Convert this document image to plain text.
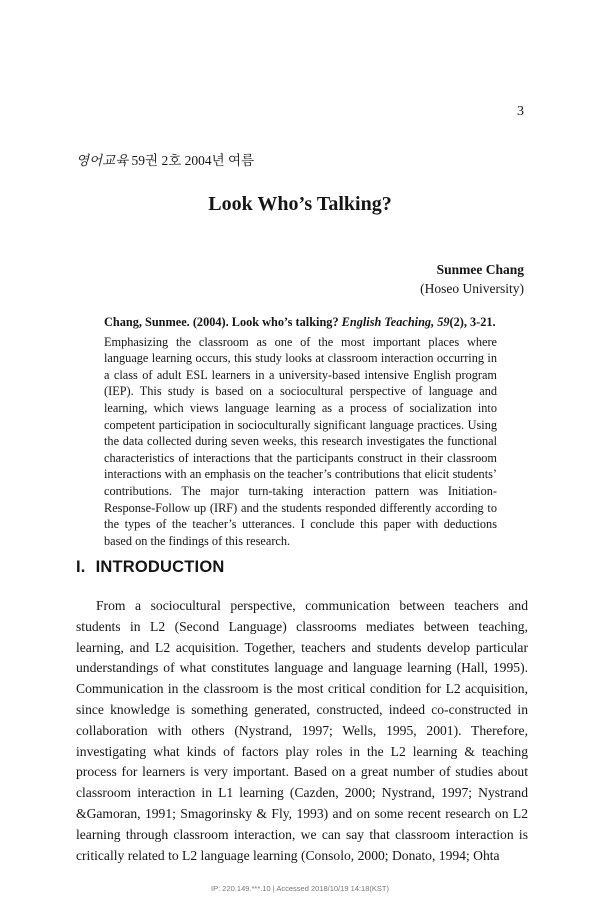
3
영어교육 59권 2호 2004년 여름
Look Who’s Talking?
Sunmee Chang
(Hoseo University)
Chang, Sunmee. (2004). Look who’s talking? English Teaching, 59(2), 3-21.
Emphasizing the classroom as one of the most important places where language learning occurs, this study looks at classroom interaction occurring in a class of adult ESL learners in a university-based intensive English program (IEP). This study is based on a sociocultural perspective of language and learning, which views language learning as a process of socialization into competent participation in socioculturally significant language practices. Using the data collected during seven weeks, this research investigates the functional characteristics of interactions that the participants construct in their classroom interactions with an emphasis on the teacher’s contributions that elicit students’ contributions. The major turn-taking interaction pattern was Initiation-Response-Follow up (IRF) and the students responded differently according to the types of the teacher’s utterances. I conclude this paper with deductions based on the findings of this research.
I. INTRODUCTION

From a sociocultural perspective, communication between teachers and students in L2 (Second Language) classrooms mediates between teaching, learning, and L2 acquisition. Together, teachers and students develop particular understandings of what constitutes language and language learning (Hall, 1995). Communication in the classroom is the most critical condition for L2 acquisition, since knowledge is something generated, constructed, indeed co-constructed in collaboration with others (Nystrand, 1997; Wells, 1995, 2001). Therefore, investigating what kinds of factors play roles in the L2 learning & teaching process for learners is very important. Based on a great number of studies about classroom interaction in L1 learning (Cazden, 2000; Nystrand, 1997; Nystrand &Gamoran, 1991; Smagorinsky & Fly, 1993) and on some recent research on L2 learning through classroom interaction, we can say that classroom interaction is critically related to L2 language learning (Consolo, 2000; Donato, 1994; Ohta

IP: 220.149.***.10 | Accessed 2018/10/19 14:18(KST)
